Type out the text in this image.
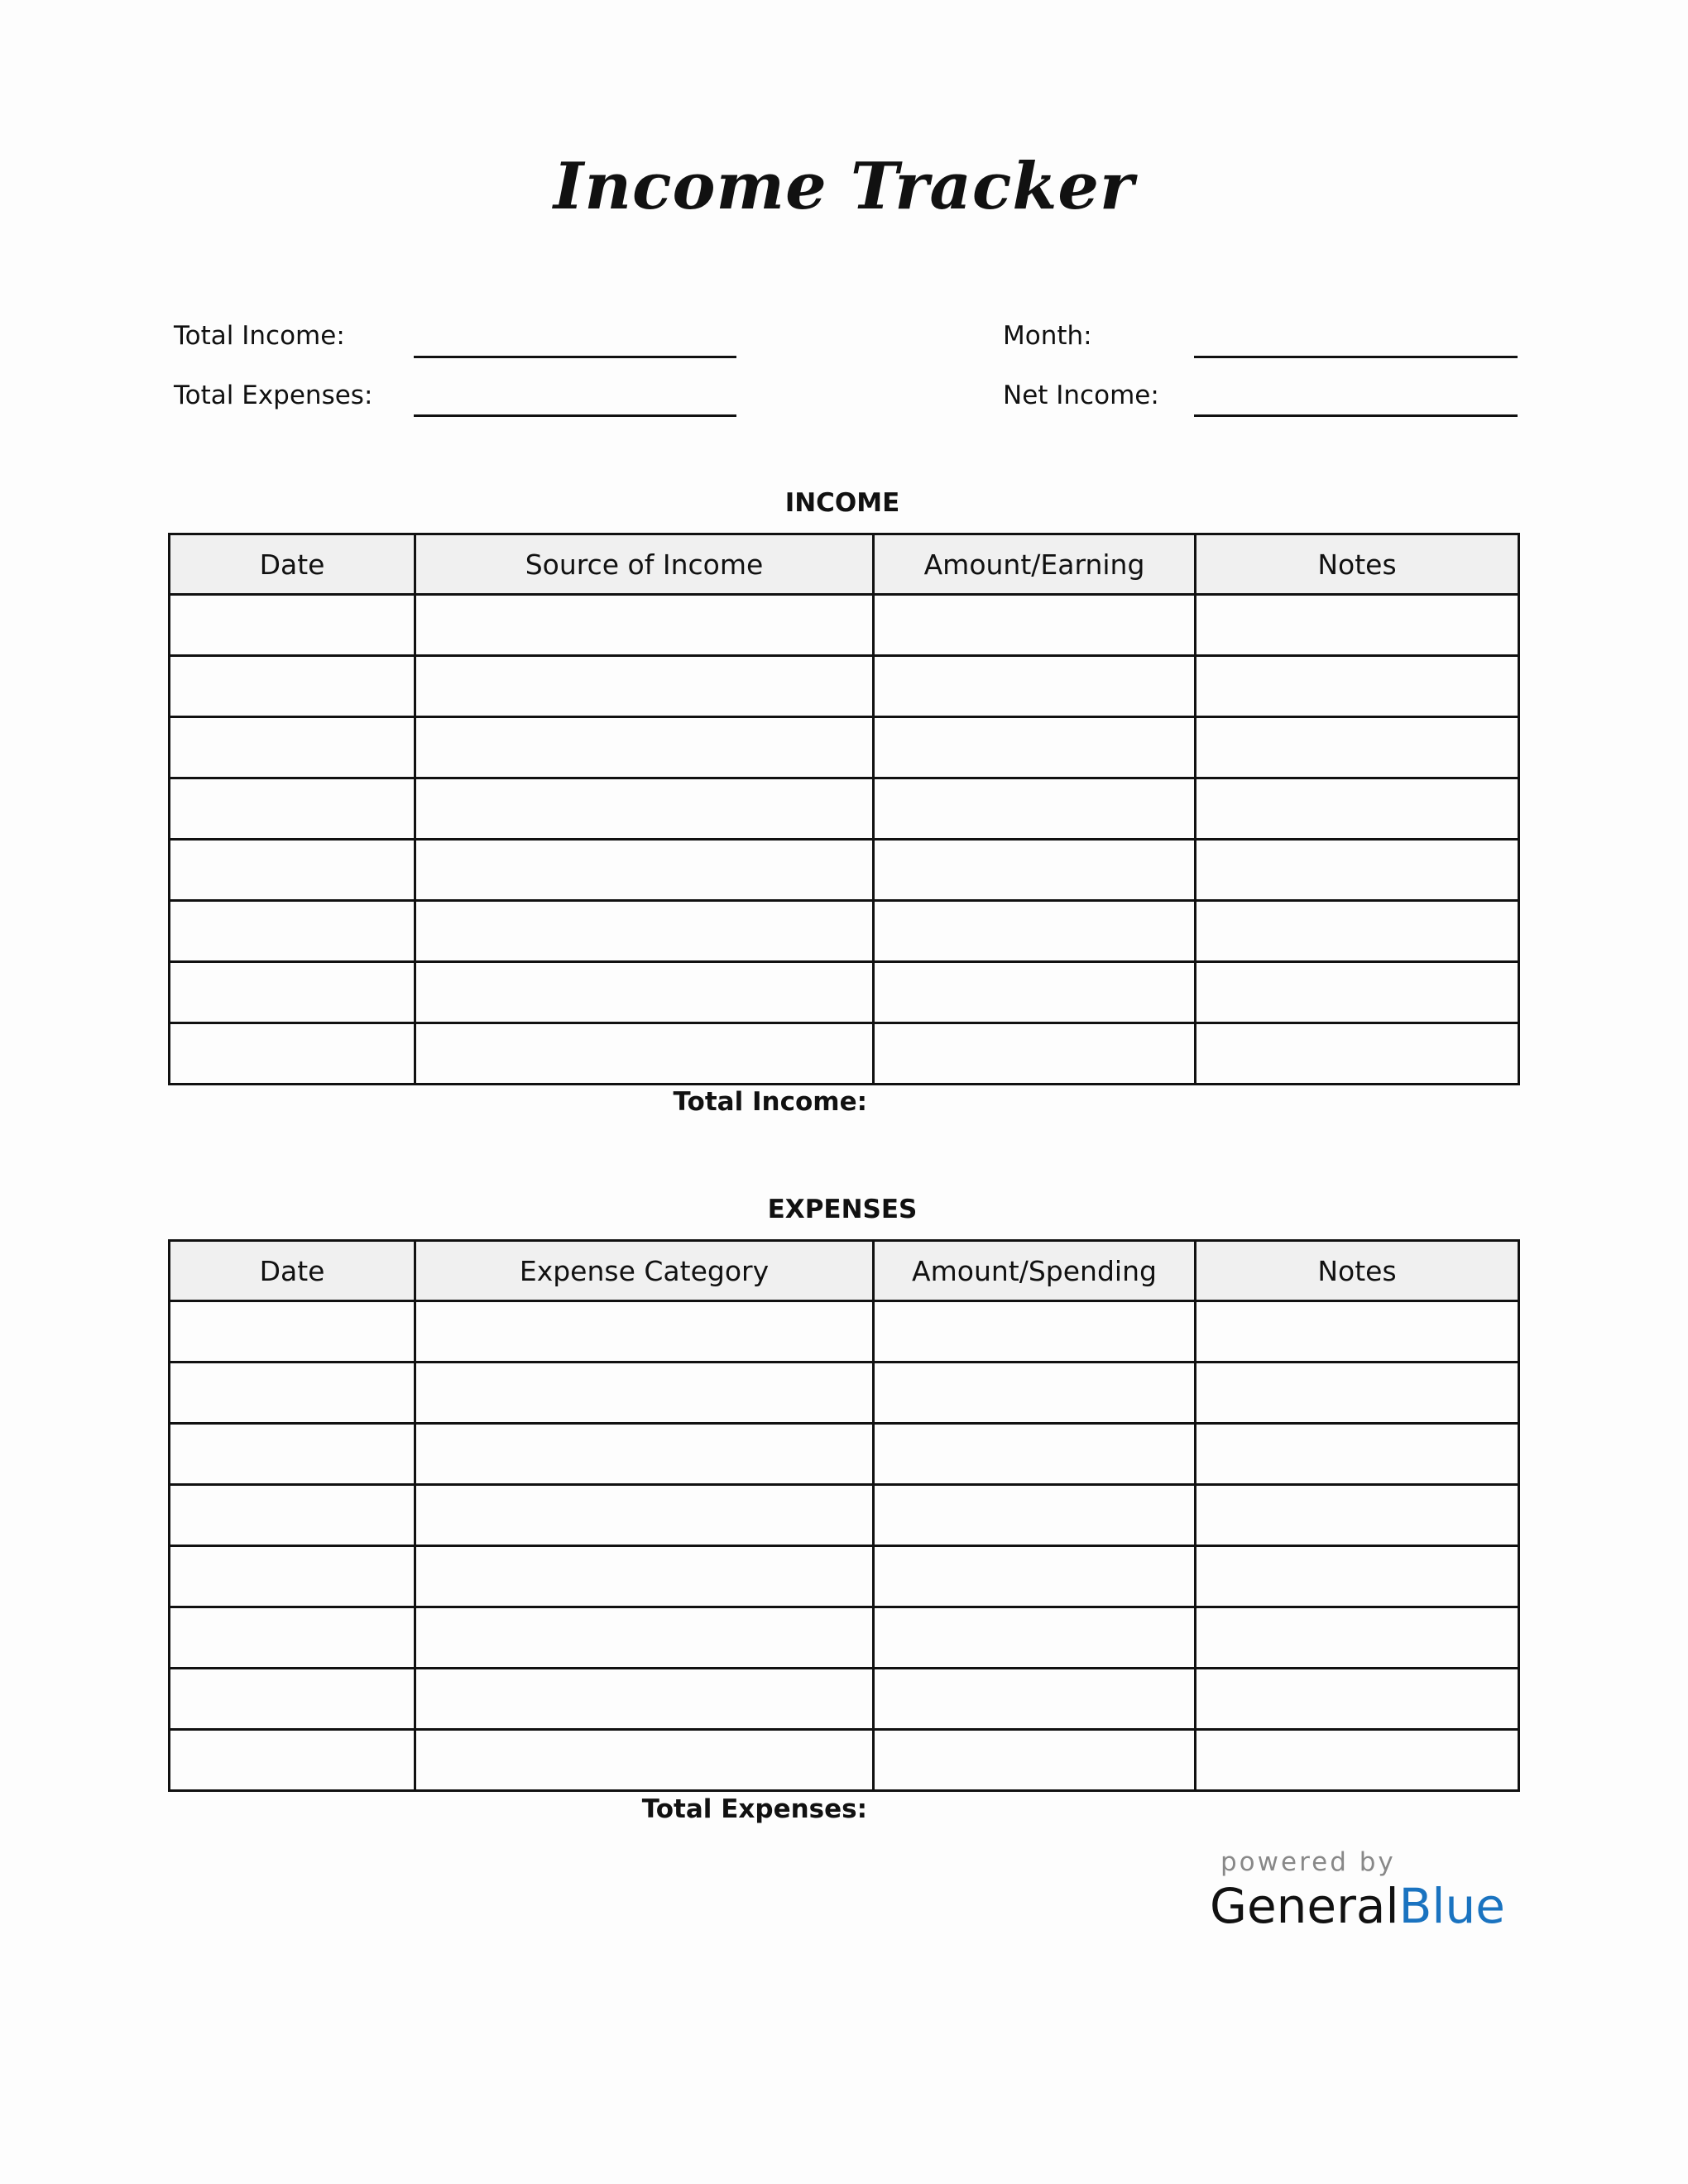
Income Tracker
Total Income:
Total Expenses:
Month:
Net Income:
INCOME
Date	Source of Income	Amount/Earning	Notes

Total Income:
EXPENSES
Date	Expense Category	Amount/Spending	Notes

Total Expenses:
powered by
GeneralBlue
